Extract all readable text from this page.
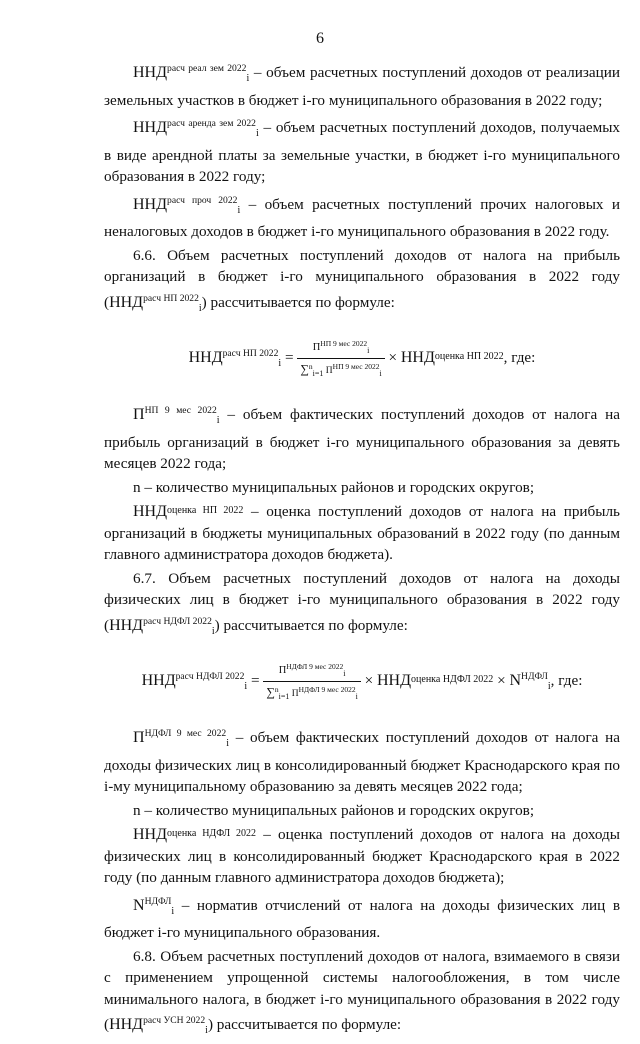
6

$ННД^{расч реал зем 2022}_i$ – объем расчетных поступлений доходов от реализации земельных участков в бюджет i-го муниципального образования в 2022 году;

$ННД^{расч аренда зем 2022}_i$ – объем расчетных поступлений доходов, получаемых в виде арендной платы за земельные участки, в бюджет i-го муниципального образования в 2022 году;

$ННД^{расч проч 2022}_i$ – объем расчетных поступлений прочих налоговых и неналоговых доходов в бюджет i-го муниципального образования в 2022 году.

6.6. Объем расчетных поступлений доходов от налога на прибыль организаций в бюджет i-го муниципального образования в 2022 году $(ННД^{расч НП 2022}_i)$ рассчитывается по формуле:

$ННД^{расч НП 2022}_i = \frac{П^{НП 9 мес 2022}_i}{\sum^n_{i=1} П^{НП 9 мес 2022}_i}$ × ННДоценка НП 2022, где:

$П^{НП 9 мес 2022}_i$ – объем фактических поступлений доходов от налога на прибыль организаций в бюджет i-го муниципального образования за девять месяцев 2022 года;

n – количество муниципальных районов и городских округов;

ННДоценка НП 2022 – оценка поступлений доходов от налога на прибыль организаций в бюджеты муниципальных образований в 2022 году (по данным главного администратора доходов бюджета).

6.7. Объем расчетных поступлений доходов от налога на доходы физических лиц в бюджет i-го муниципального образования в 2022 году $(ННД^{расч НДФЛ 2022}_i)$ рассчитывается по формуле:

$ННД^{расч НДФЛ 2022}_i = \frac{П^{НДФЛ 9 мес 2022}_i}{\sum^n_{i=1} П^{НДФЛ 9 мес 2022}_i}$ × ННДоценка НДФЛ $2022 \times N^{НДФЛ}_i$, где:

$П^{НДФЛ 9 мес 2022}_i$ – объем фактических поступлений доходов от налога на доходы физических лиц в консолидированный бюджет Краснодарского края по i-му муниципальному образованию за девять месяцев 2022 года;

n – количество муниципальных районов и городских округов;

ННДоценка НДФЛ 2022 – оценка поступлений доходов от налога на доходы физических лиц в консолидированный бюджет Краснодарского края в 2022 году (по данным главного администратора доходов бюджета);

$N^{НДФЛ}_i$ – норматив отчислений от налога на доходы физических лиц в бюджет i-го муниципального образования.

6.8. Объем расчетных поступлений доходов от налога, взимаемого в связи с применением упрощенной системы налогообложения, в том числе минимального налога, в бюджет i-го муниципального образования в 2022 году $(ННД^{расч УСН 2022}_i)$ рассчитывается по формуле:
